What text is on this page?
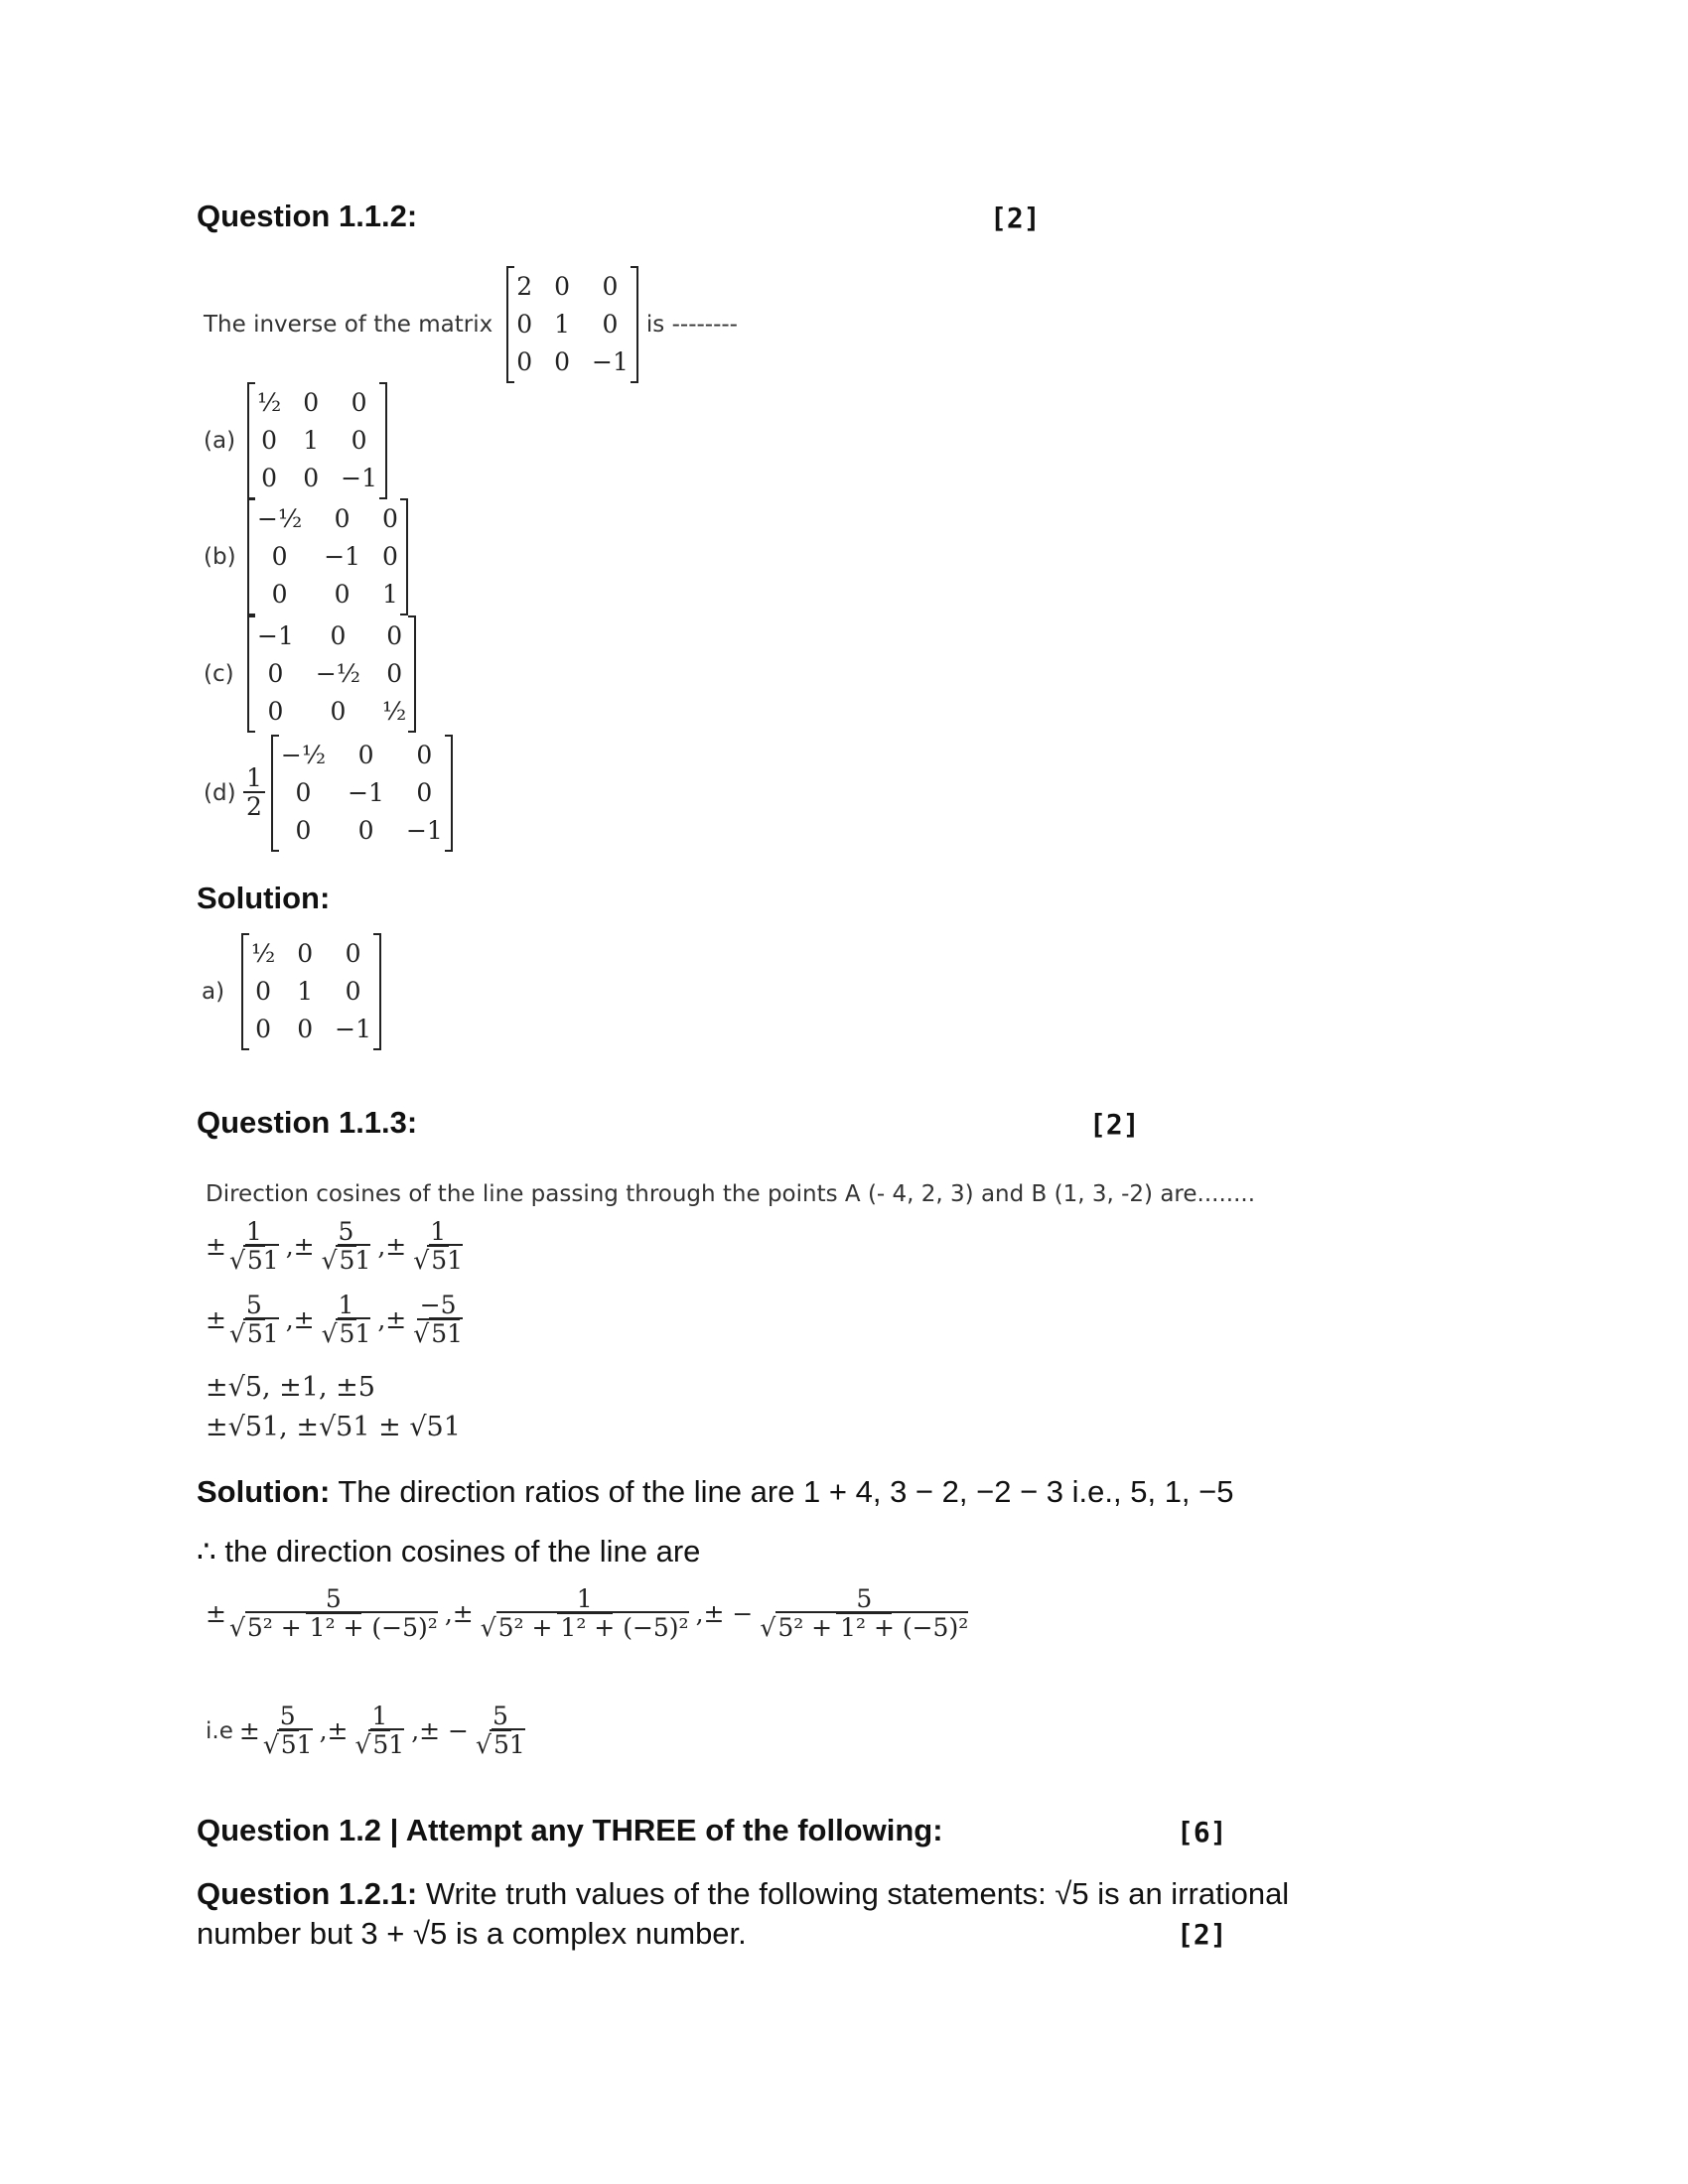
Question 1.1.2:	[2]
The inverse of the matrix
2 0	0
0 1	0
0 0 −1
is --------
(a)
½ 0	0
0 1	0
0 0 −1
(b)
−½	0	0
0	−1 0
0	0	1
(c)
−1	0	0
0	−½ 0
0	0	½
(d)
1
2
−½	0	0
0	−1	0
0	0	−1
Solution:
a)
½ 0	0
0 1	0
0 0 −1
Question 1.1.3:	[2]
Direction cosines of the line passing through the points A (- 4, 2, 3) and B (1, 3, -2) are........
± $\frac{1}{√51}$ ,± $\frac{5}{√51}$ ,± $\frac{1}{√51}$
± $\frac{5}{√51}$ ,± $\frac{1}{√51}$ ,± $\frac{-5}{√51}$
±√5, ±1, ±5
±√51, ±√51 ± √51
Solution: The direction ratios of the line are 1 + 4, 3 − 2, −2 − 3 i.e., 5, 1, −5
∴ the direction cosines of the line are
± $\frac{5}{\text{√5² + 1² + (−5)²}}$ ,± $\frac{1}{\text{√5² + 1² + (−5)²}}$ ,± − $\frac{5}{\text{√5² + 1² + (−5)²}}$
$i.e \pm \frac{5}{√51}$ ,± $\frac{1}{√51}$ ,± − $\frac{5}{√51}$
Question 1.2 | Attempt any THREE of the following:	[6]
Question 1.2.1: Write truth values of the following statements: √5 is an irrational
number but 3 + √5 is a complex number.	[2]
